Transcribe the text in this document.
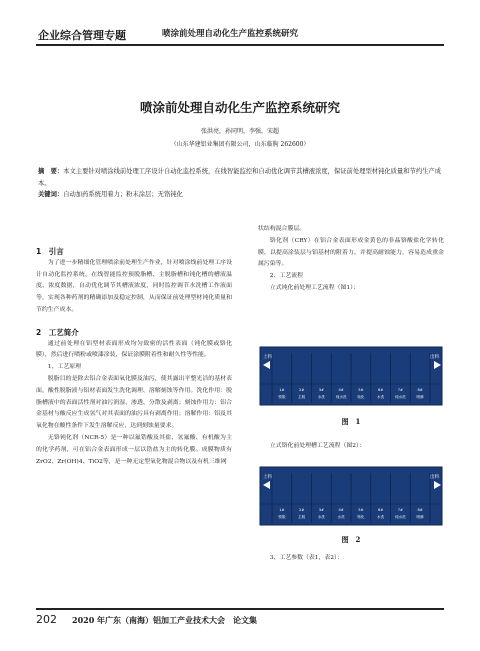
企业综合管理专题	喷涂前处理自动化生产监控系统研究
喷涂前处理自动化生产监控系统研究
张洪亮，孙同明，李强，宋超
（山东华建铝业集团有限公司，山东临朐 262600）
摘　要：本文主要针对喷涂线前处理工序设计自动化监控系统，在线智能监控和自动优化调节其槽液浓度，保证前处理型材钝化质量和节约生产成本。
关键词：自动加药系统用着力；粉末涂层；无铬钝化
1　引言

为了进一步精细化管理喷涂前处理生产作业，针对喷涂线前处理工序设计自动化监控系统，在线智能监控预脱脂槽、主脱脂槽和钝化槽的槽液温度、浓度数据，自动优化调节其槽液浓度，同时监控调节水洗槽工作液面等，实现各种药剂的精确添加及稳定控制，从而保证前处理型材钝化质量和节约生产成本。

2　工艺简介

通过前处理在铝型材表面形成均匀致密的活性表面（钝化膜或铬化膜），然后进行喷粉或喷漆涂装，保证涂膜附着性和耐久性等性能。

1、工艺原理

脱脂目的是除去铝合金表面氧化膜及油污，使其露出平整光洁的基材表面，酸性脱脂液与铝材表面发生洗化调理、溶解刻蚀等作用。洗化作用：脱脂槽液中的表面活性剂对油污润湿、渗透、分散及剥离；刻蚀作用力：铝合金基材与酸反应生成氢气对其表面的油污具有剥离作用；溶解作用：铝及其氧化物在酸性条件下发生溶解反应，达到刻蚀量要求。

无铬钝化剂（NCR-5）是一种以氟锆酸及其盐、氢氟酸、有机酸为主的化学药剂，可在铝合金表面形成一层以锆盐为主的转化膜。成膜物质有ZrO2、Zr(OH)4、TiO2等，是一种无定型氧化物混合物以及有机三维网

状结构混合膜层。

铬化剂（CRY）在铝合金表面形成金黄色的非晶铬酸盐化学转化膜，以提高涂装层与铝基材的附着力，并提高耐蚀能力，容易造成重金属污染等。

2、工艺流程

立式钝化前处理工艺流程（图1）：

上料	出料
1#
预脱
2#
主脱
3#
水洗
4#
纯水洗
5#
钝化
6#
水洗
7#
纯水洗
8#
喷淋
图　1

立式铬化前处理槽工艺流程（图2）：

上料	出料
1#
预脱
2#
主脱
3#
水洗
4#
水洗
5#
铬化
6#
水洗
7#
纯水洗
8#
喷淋
图　2

3、工艺参数（表1，表2）：

202 2020 年广东（南海）铝加工产业技术大会　论文集
